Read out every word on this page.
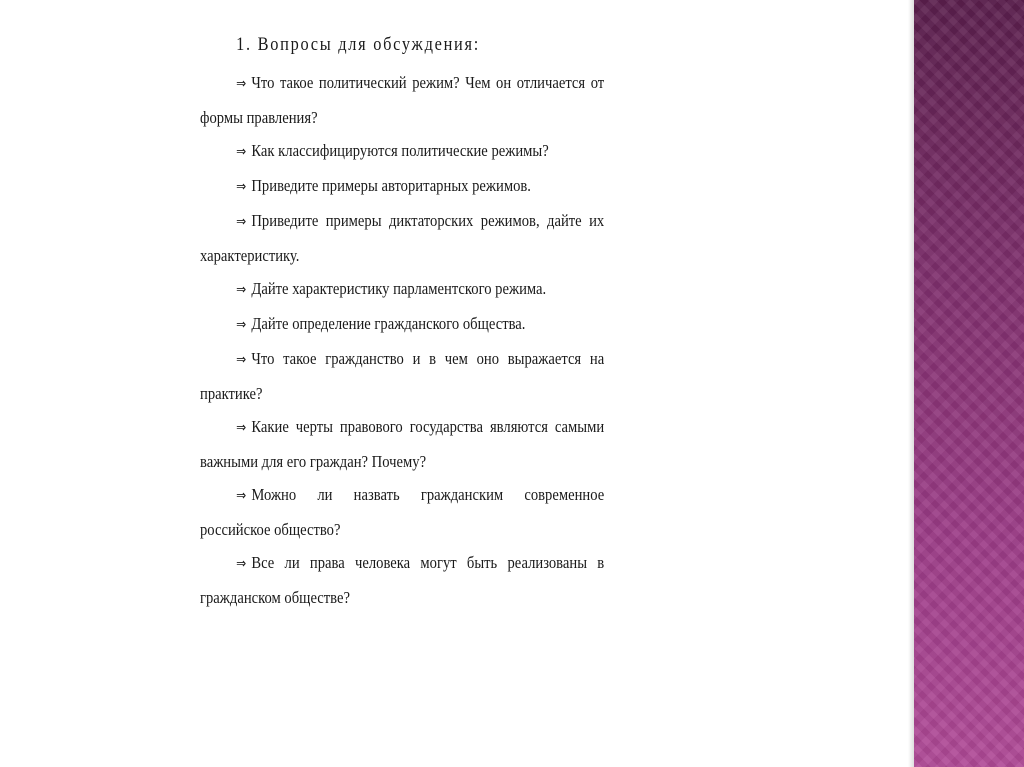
1. Вопросы для обсуждения:
⇒ Что такое политический режим? Чем он отличается от формы правления?
⇒ Как классифицируются политические режимы?
⇒ Приведите примеры авторитарных режимов.
⇒ Приведите примеры диктаторских режимов, дайте их характеристику.
⇒ Дайте характеристику парламентского режима.
⇒ Дайте определение гражданского общества.
⇒ Что такое гражданство и в чем оно выражается на практике?
⇒ Какие черты правового государства являются самыми важными для его граждан? Почему?
⇒ Можно ли назвать гражданским современное российское общество?
⇒ Все ли права человека могут быть реализованы в гражданском обществе?
